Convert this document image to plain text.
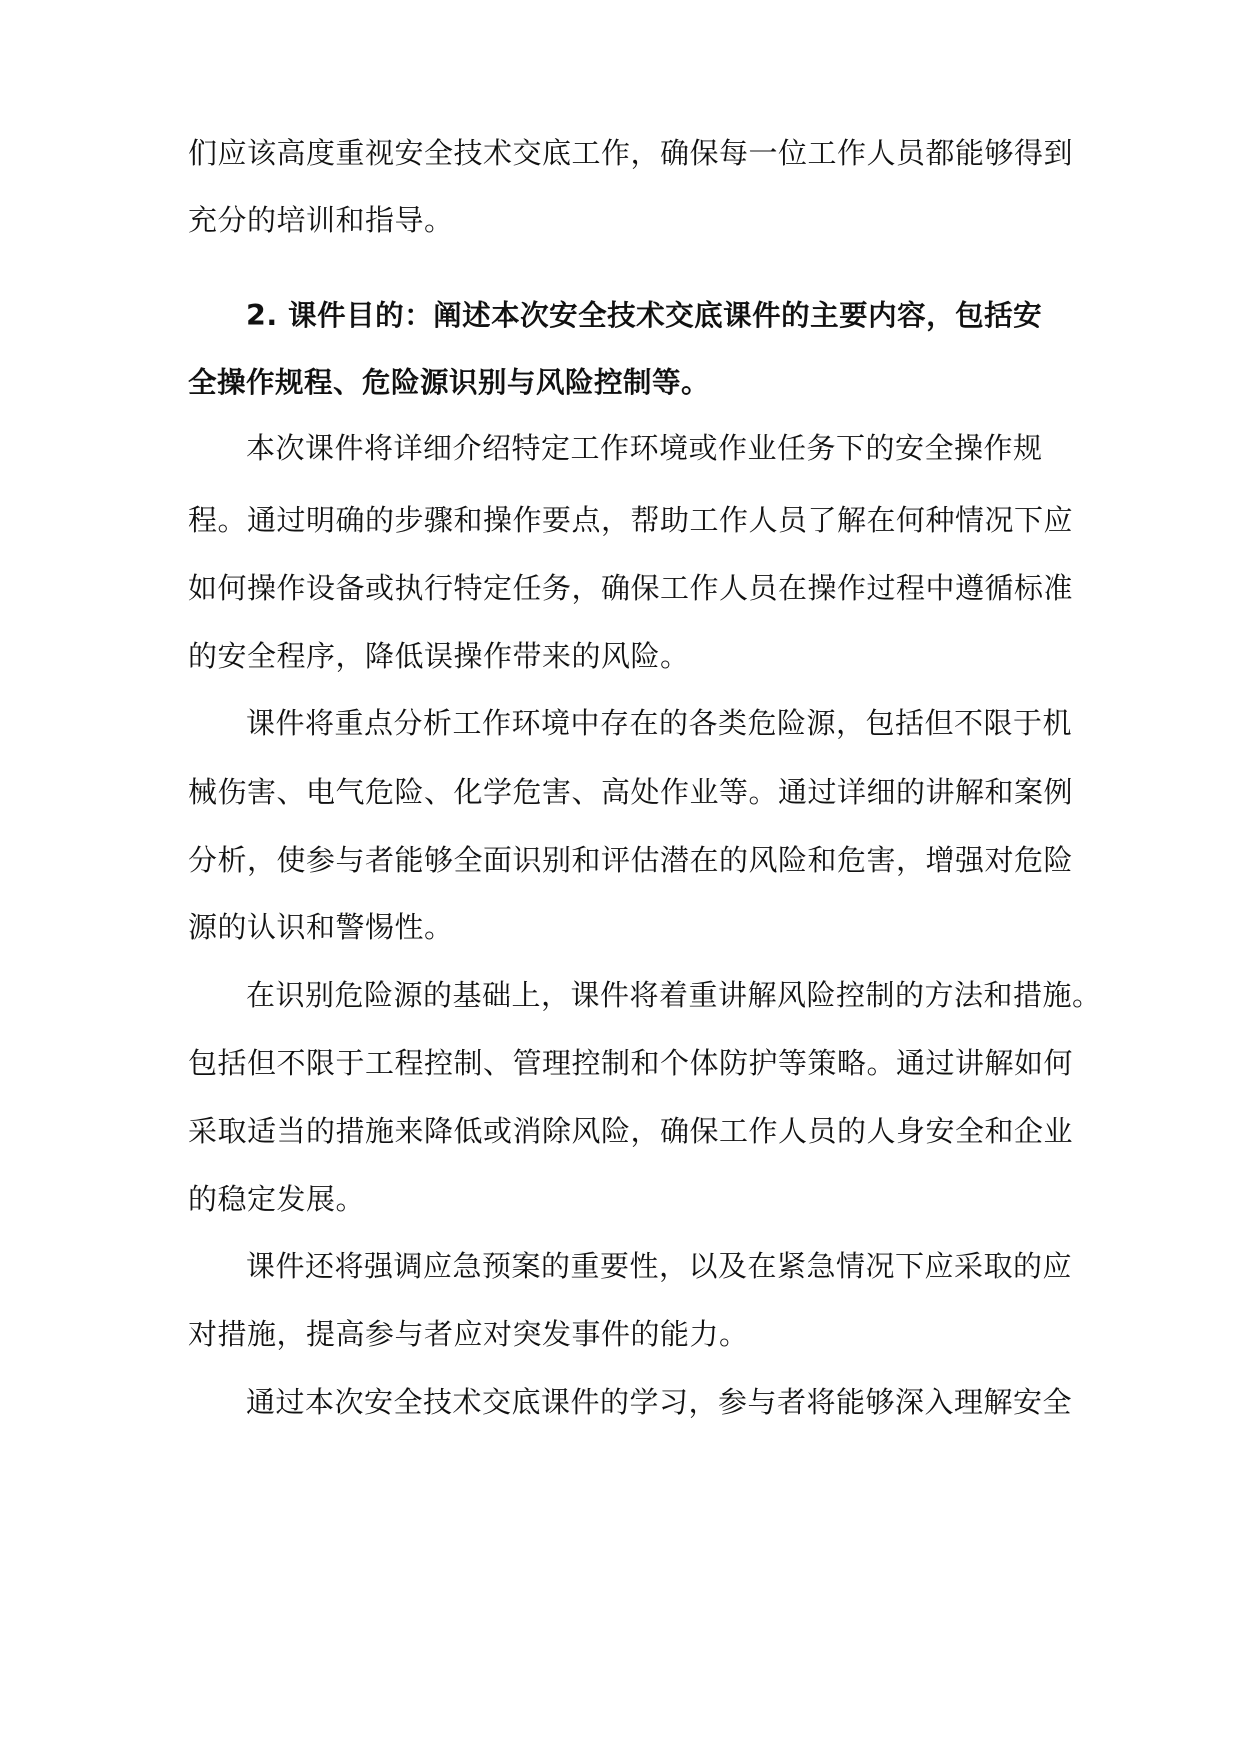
们应该高度重视安全技术交底工作，确保每一位工作人员都能够得到
充分的培训和指导。
2. 课件目的：阐述本次安全技术交底课件的主要内容，包括安
全操作规程、危险源识别与风险控制等。
本次课件将详细介绍特定工作环境或作业任务下的安全操作规
程。通过明确的步骤和操作要点，帮助工作人员了解在何种情况下应
如何操作设备或执行特定任务，确保工作人员在操作过程中遵循标准
的安全程序，降低误操作带来的风险。
课件将重点分析工作环境中存在的各类危险源，包括但不限于机
械伤害、电气危险、化学危害、高处作业等。通过详细的讲解和案例
分析，使参与者能够全面识别和评估潜在的风险和危害，增强对危险
源的认识和警惕性。
在识别危险源的基础上，课件将着重讲解风险控制的方法和措施。
包括但不限于工程控制、管理控制和个体防护等策略。通过讲解如何
采取适当的措施来降低或消除风险，确保工作人员的人身安全和企业
的稳定发展。
课件还将强调应急预案的重要性，以及在紧急情况下应采取的应
对措施，提高参与者应对突发事件的能力。
通过本次安全技术交底课件的学习，参与者将能够深入理解安全
